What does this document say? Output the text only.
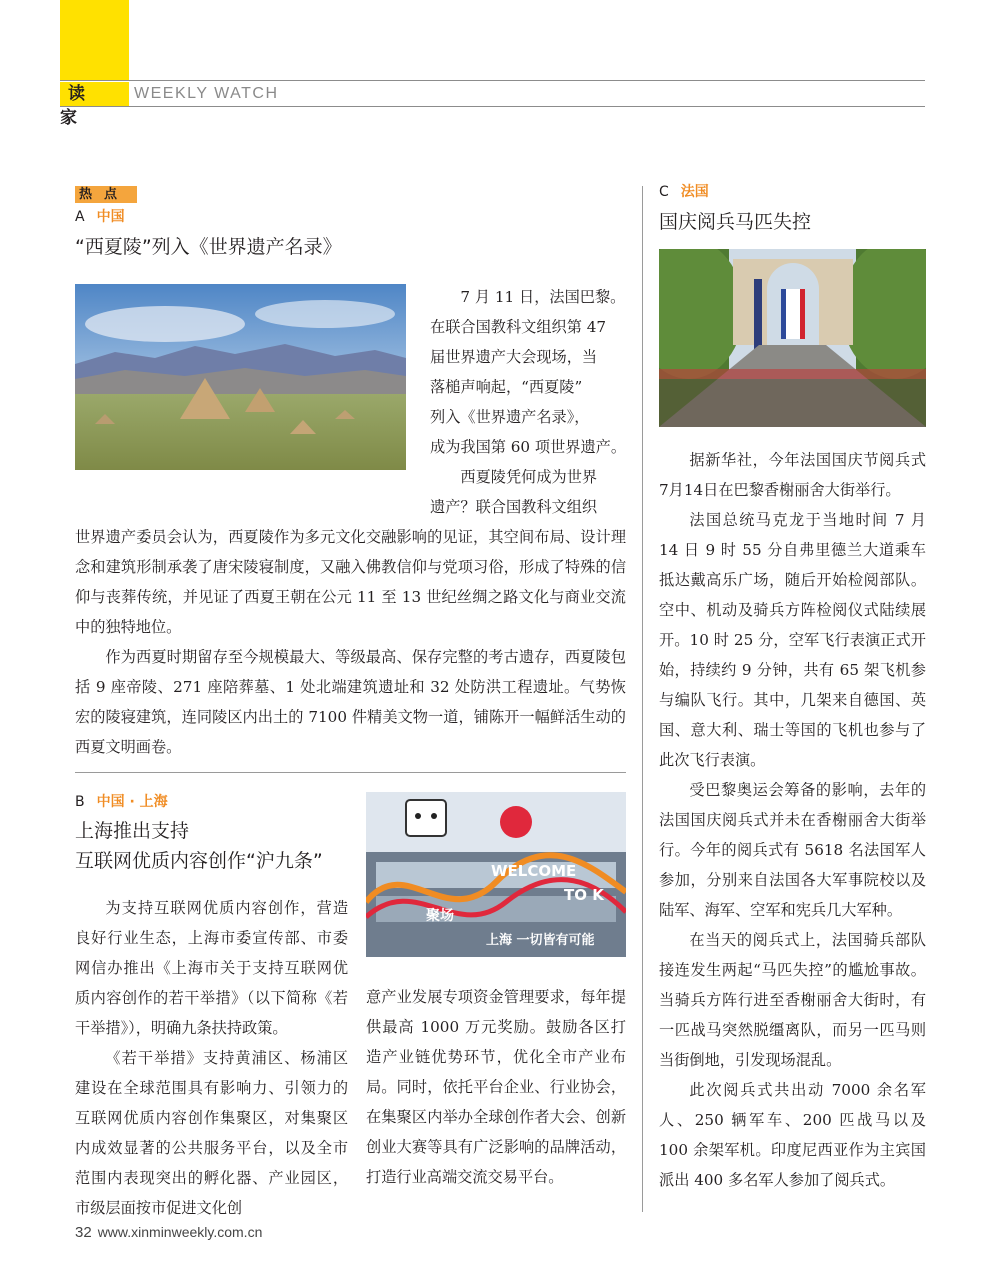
读家
WEEKLY WATCH
热点
A 中国
“西夏陵”列入《世界遗产名录》

7 月 11 日，法国巴黎。

在联合国教科文组织第 47

届世界遗产大会现场，当

落槌声响起，“西夏陵”

列入《世界遗产名录》，

成为我国第 60 项世界遗产。

西夏陵凭何成为世界

遗产？联合国教科文组织

世界遗产委员会认为，西夏陵作为多元文化交融影响的见证，其空间布局、设计理念和建筑形制承袭了唐宋陵寝制度，又融入佛教信仰与党项习俗，形成了特殊的信仰与丧葬传统，并见证了西夏王朝在公元 11 至 13 世纪丝绸之路文化与商业交流中的独特地位。

作为西夏时期留存至今规模最大、等级最高、保存完整的考古遗存，西夏陵包括 9 座帝陵、271 座陪葬墓、1 处北端建筑遗址和 32 处防洪工程遗址。气势恢宏的陵寝建筑，连同陵区内出土的 7100 件精美文物一道，铺陈开一幅鲜活生动的西夏文明画卷。

B 中国 · 上海
上海推出支持
互联网优质内容创作“沪九条”	WELCOME
TO K
聚场
上海 一切皆有可能

为支持互联网优质内容创作，营造良好行业生态，上海市委宣传部、市委网信办推出《上海市关于支持互联网优质内容创作的若干举措》（以下简称《若干举措》），明确九条扶持政策。

《若干举措》支持黄浦区、杨浦区建设在全球范围具有影响力、引领力的互联网优质内容创作集聚区，对集聚区内成效显著的公共服务平台，以及全市范围内表现突出的孵化器、产业园区，市级层面按市促进文化创

意产业发展专项资金管理要求，每年提供最高 1000 万元奖励。鼓励各区打造产业链优势环节，优化全市产业布局。同时，依托平台企业、行业协会，在集聚区内举办全球创作者大会、创新创业大赛等具有广泛影响的品牌活动，打造行业高端交流交易平台。

C 法国
国庆阅兵马匹失控

据新华社，今年法国国庆节阅兵式7月14日在巴黎香榭丽舍大街举行。

法国总统马克龙于当地时间 7 月 14 日 9 时 55 分自弗里德兰大道乘车抵达戴高乐广场，随后开始检阅部队。空中、机动及骑兵方阵检阅仪式陆续展开。10 时 25 分，空军飞行表演正式开始，持续约 9 分钟，共有 65 架飞机参与编队飞行。其中，几架来自德国、英国、意大利、瑞士等国的飞机也参与了此次飞行表演。

受巴黎奥运会筹备的影响，去年的法国国庆阅兵式并未在香榭丽舍大街举行。今年的阅兵式有 5618 名法国军人参加，分别来自法国各大军事院校以及陆军、海军、空军和宪兵几大军种。

在当天的阅兵式上，法国骑兵部队接连发生两起“马匹失控”的尴尬事故。当骑兵方阵行进至香榭丽舍大街时，有一匹战马突然脱缰离队，而另一匹马则当街倒地，引发现场混乱。

此次阅兵式共出动 7000 余名军人、250 辆军车、200 匹战马以及 100 余架军机。印度尼西亚作为主宾国派出 400 多名军人参加了阅兵式。

32 www.xinminweekly.com.cn
